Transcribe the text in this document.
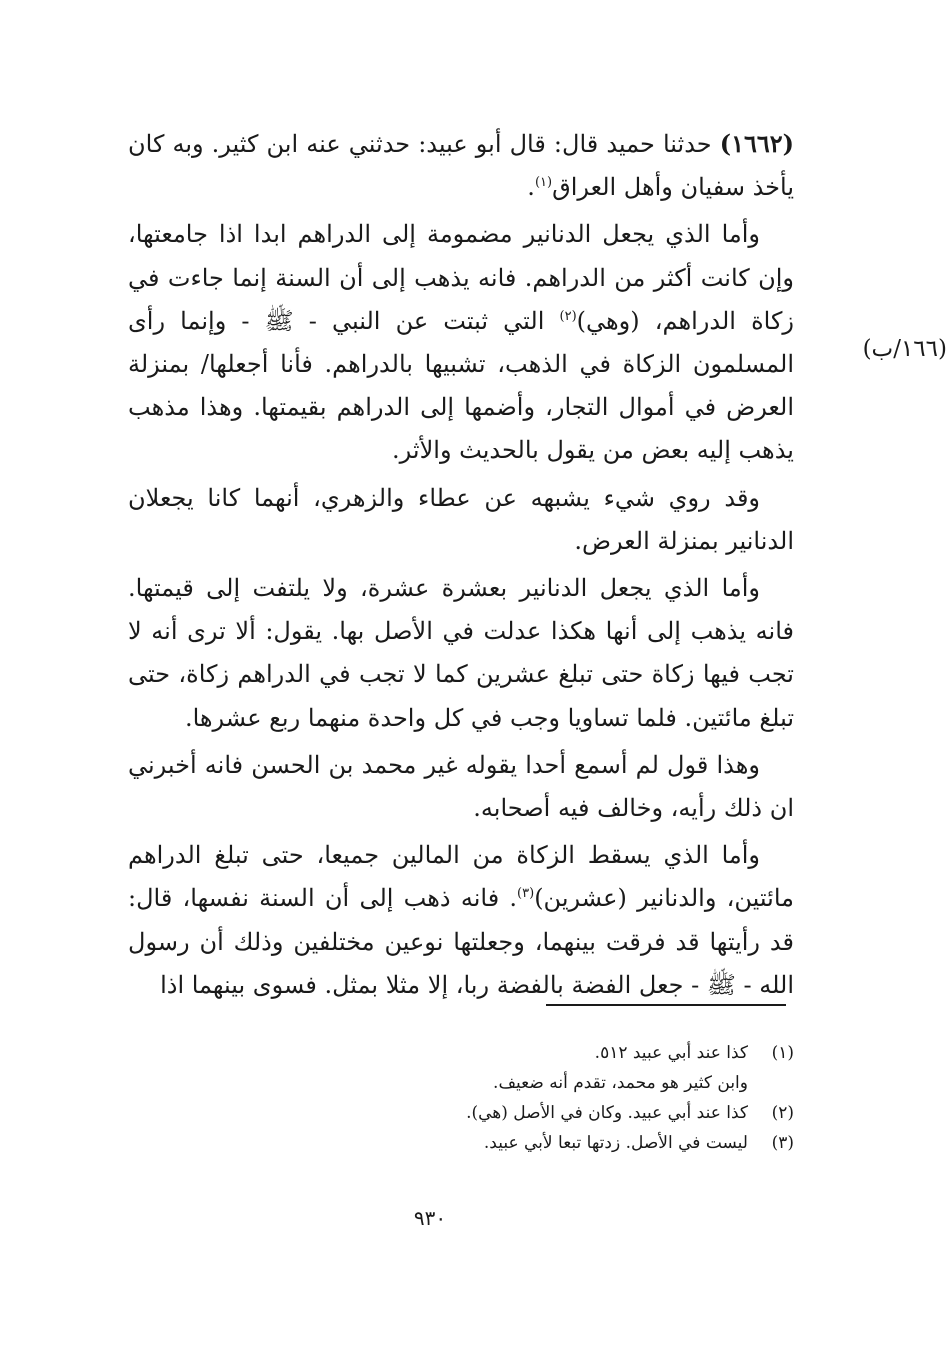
(١٦٦/ب)

(١٦٦٢) حدثنا حميد قال: قال أبو عبيد: حدثني عنه ابن كثير. وبه كان يأخذ سفيان وأهل العراق$^{(١)}$.

وأما الذي يجعل الدنانير مضمومة إلى الدراهم ابدا اذا جامعتها، وإن كانت أكثر من الدراهم. فانه يذهب إلى أن السنة إنما جاءت في زكاة الدراهم، (وهي)$^{(٢)}$ التي ثبتت عن النبي - ﷺ - وإنما رأى المسلمون الزكاة في الذهب، تشبيها بالدراهم. فأنا أجعلها/ بمنزلة العرض في أموال التجار، وأضمها إلى الدراهم بقيمتها. وهذا مذهب يذهب إليه بعض من يقول بالحديث والأثر.

وقد روي شيء يشبهه عن عطاء والزهري، أنهما كانا يجعلان الدنانير بمنزلة العرض.

وأما الذي يجعل الدنانير بعشرة عشرة، ولا يلتفت إلى قيمتها. فانه يذهب إلى أنها هكذا عدلت في الأصل بها. يقول: ألا ترى أنه لا تجب فيها زكاة حتى تبلغ عشرين كما لا تجب في الدراهم زكاة، حتى تبلغ مائتين. فلما تساويا وجب في كل واحدة منهما ربع عشرها.

وهذا قول لم أسمع أحدا يقوله غير محمد بن الحسن فانه أخبرني ان ذلك رأيه، وخالف فيه أصحابه.

وأما الذي يسقط الزكاة من المالين جميعا، حتى تبلغ الدراهم مائتين، والدنانير (عشرين)$^{(٣)}$. فانه ذهب إلى أن السنة نفسها، قال: قد رأيتها قد فرقت بينهما، وجعلتها نوعين مختلفين وذلك أن رسول الله - ﷺ - جعل الفضة بالفضة ربا، إلا مثلا بمثل. فسوى بينهما اذا

(١)
كذا عند أبي عبيد ٥١٢.
وابن كثير هو محمد، تقدم أنه ضعيف.
(٢)
كذا عند أبي عبيد. وكان في الأصل (هي).
(٣)
ليست في الأصل. زدتها تبعا لأبي عبيد.
٩٣٠
